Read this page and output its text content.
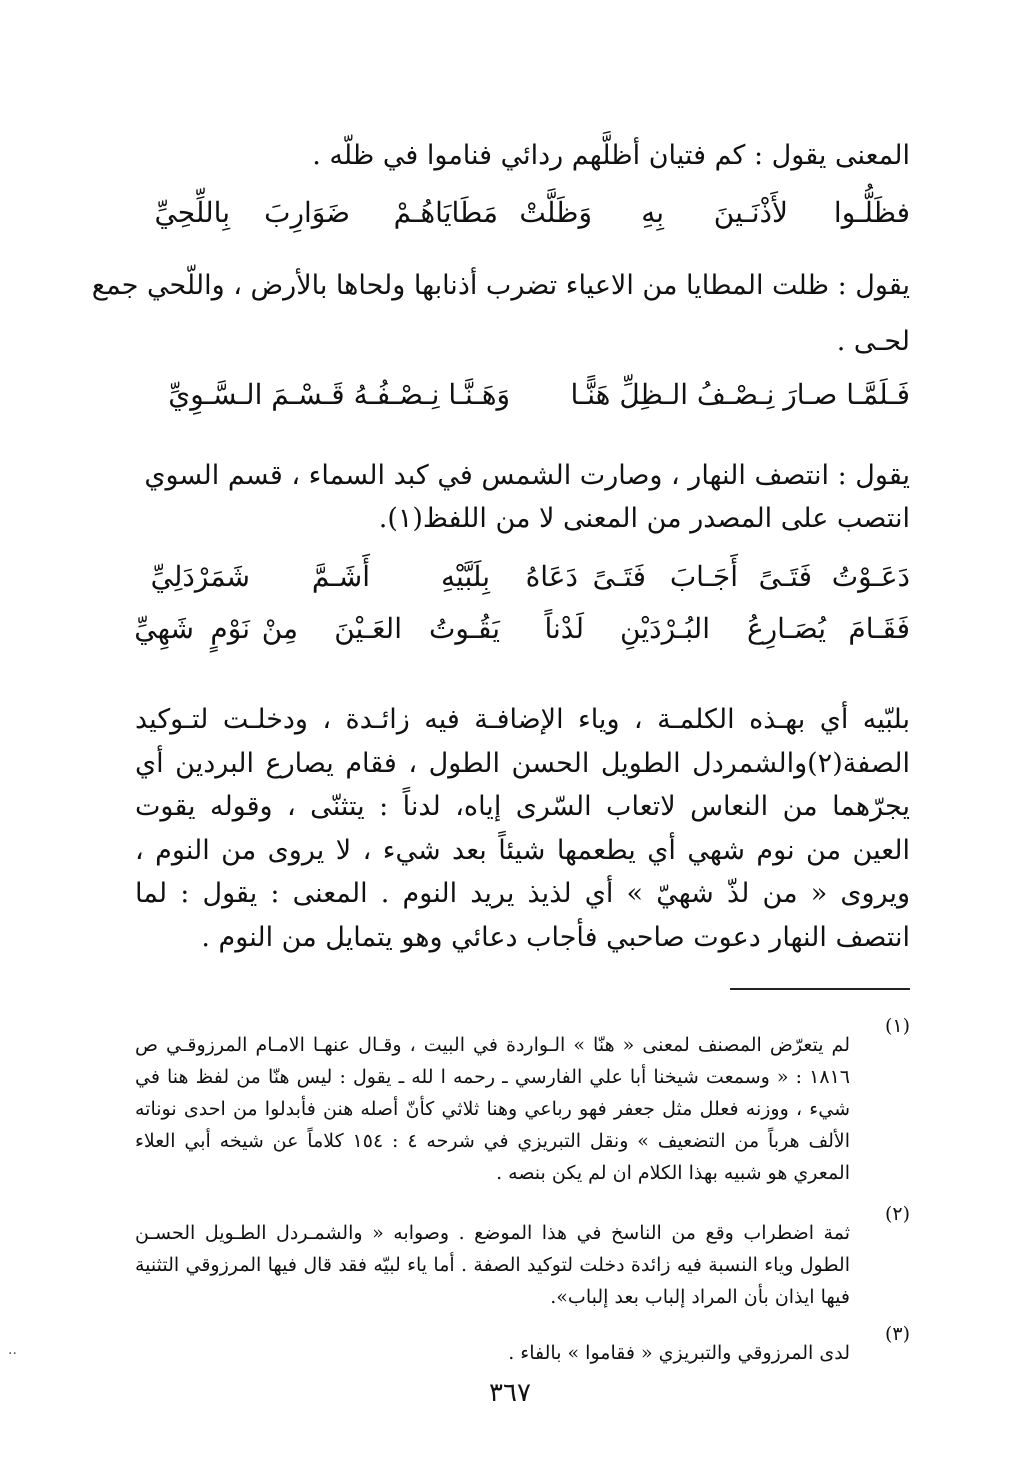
المعنى يقول : كم فتيان أظلَّهم ردائي فناموا في ظلّه .

فظَلُّـوا
لأَذْنَـينَ
بِهِ
وَظَلَّتْ
مَطَايَاهُـمْ
ضَوَارِبَ
بِاللِّحِيِّ

يقول : ظلت المطايا من الاعياء تضرب أذنابها ولحاها بالأرض ، واللّحي جمع

لحـى .

فَـلَمَّـا صـارَ نِـصْـفُ الـظِلِّ هَنًّـا
وَهَـنَّـا نِـصْـفُـهُ قَـسْـمَ الـسَّـوِيِّ

يقول : انتصف النهار ، وصارت الشمس في كبد السماء ، قسم السوي

انتصب على المصدر من المعنى لا من اللفظ(١).

دَعَـوْتُ
فَتَـىً
أَجَـابَ
فَتَـىً
دَعَاهُ
بِلَبَّيْهِ
أَشَـمَّ
شَمَرْدَلِيِّ
فَقَـامَ
يُصَـارِعُ
البُـرْدَيْنِ
لَدْناً
يَقُـوتُ
العَـيْنَ
مِنْ
نَوْمٍ
شَهِيِّ

بلبّيه أي بهـذه الكلمـة ، وياء الإضافـة فيه زائـدة ، ودخلـت لتـوكيد الصفة(٢)والشمردل الطويل الحسن الطول ، فقام يصارع البردين أي يجرّهما من النعاس لاتعاب السّرى إياه، لدناً : يتثنّى ، وقوله يقوت العين من نوم شهي أي يطعمها شيئاً بعد شيء ، لا يروى من النوم ، ويروى « من لذّ شهيّ » أي لذيذ يريد النوم . المعنى : يقول : لما انتصف النهار دعوت صاحبي فأجاب دعائي وهو يتمايل من النوم .

(١)

لم يتعرّض المصنف لمعنى « هنّا » الـواردة في البيت ، وقـال عنهـا الامـام المرزوقـي ص ١٨١٦ : « وسمعت شيخنا أبا علي الفارسي ـ رحمه ا لله ـ يقول : ليس هنّا من لفظ هنا في شيء ، ووزنه فعلل مثل جعفر فهو رباعي وهنا ثلاثي كأنّ أصله هنن فأبدلوا من احدى نوناته الألف هرباً من التضعيف » ونقل التبريزي في شرحه ٤ : ١٥٤ كلاماً عن شيخه أبي العلاء المعري هو شبيه بهذا الكلام ان لم يكن بنصه .

(٢)

ثمة اضطراب وقع من الناسخ في هذا الموضع . وصوابه « والشمـردل الطـويل الحسـن الطول وياء النسبة فيه زائدة دخلت لتوكيد الصفة . أما ياء لبيّه فقد قال فيها المرزوقي التثنية فيها ايذان بأن المراد إلباب بعد إلباب».

(٣)

لدى المرزوقي والتبريزي « فقاموا » بالفاء .

٣٦٧
..
